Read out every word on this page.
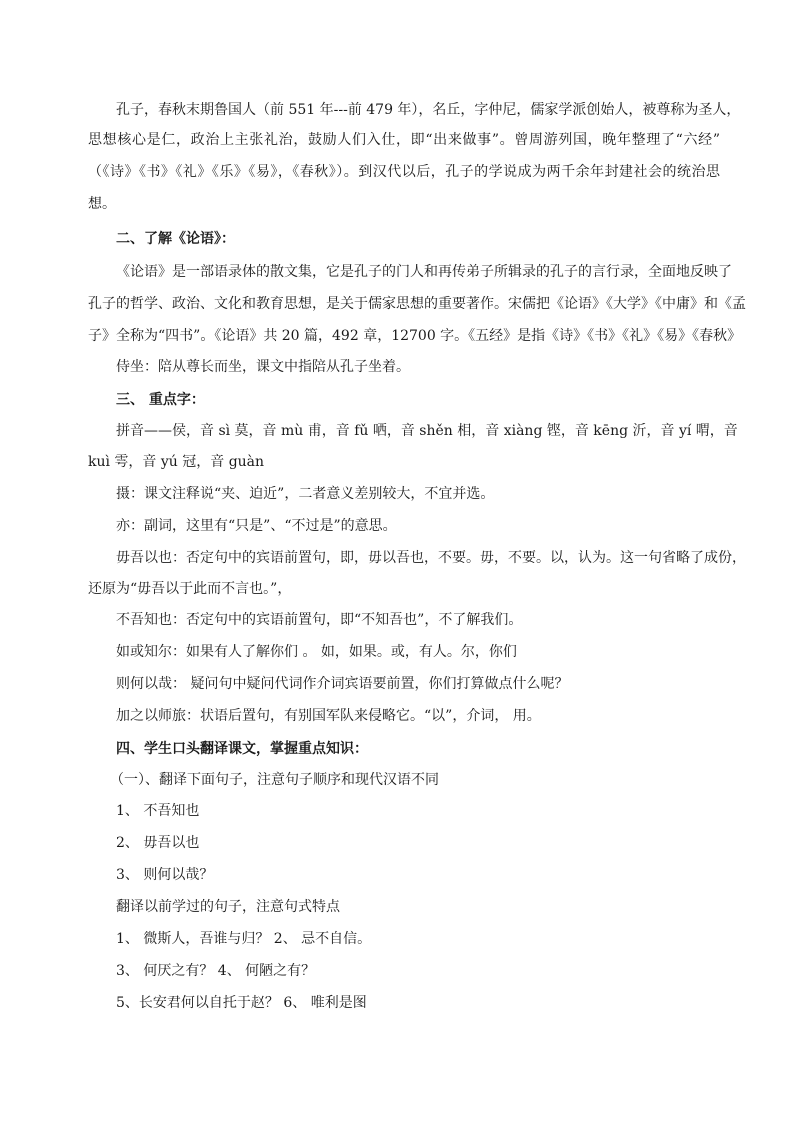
孔子，春秋末期鲁国人（前 551 年---前 479 年），名丘，字仲尼，儒家学派创始人，被尊称为圣人，
思想核心是仁，政治上主张礼治，鼓励人们入仕，即“出来做事”。曾周游列国，晚年整理了“六经”
（《诗》《书》《礼》《乐》《易》，《春秋》）。到汉代以后，孔子的学说成为两千余年封建社会的统治思
想。
二、了解《论语》：
《论语》是一部语录体的散文集，它是孔子的门人和再传弟子所辑录的孔子的言行录，全面地反映了
孔子的哲学、政治、文化和教育思想，是关于儒家思想的重要著作。宋儒把《论语》《大学》《中庸》和《孟
子》全称为“四书”。《论语》共 20 篇，492 章，12700 字。《五经》是指《诗》《书》《礼》《易》《春秋》
侍坐：陪从尊长而坐，课文中指陪从孔子坐着。
三、 重点字：
拼音——侯，音 sì 莫，音 mù 甫，音 fǔ 哂，音 shěn 相，音 xiàng 铿，音 kēng 沂，音 yí 喟，音
kuì 雩，音 yú 冠，音 guàn
摄：课文注释说“夹、迫近”，二者意义差别较大，不宜并选。
亦：副词，这里有“只是”、“不过是”的意思。
毋吾以也：否定句中的宾语前置句，即，毋以吾也，不要。毋，不要。以，认为。这一句省略了成份，
还原为“毋吾以于此而不言也。”，
不吾知也：否定句中的宾语前置句，即“不知吾也”，不了解我们。
如或知尔：如果有人了解你们 。 如，如果。或，有人。尔，你们
则何以哉： 疑问句中疑问代词作介词宾语要前置，你们打算做点什么呢？
加之以师旅：状语后置句，有别国军队来侵略它。“以”，介词， 用。
四、学生口头翻译课文，掌握重点知识：
（一）、翻译下面句子，注意句子顺序和现代汉语不同
1、 不吾知也
2、 毋吾以也
3、 则何以哉？
翻译以前学过的句子，注意句式特点
1、 微斯人，吾谁与归？ 2、 忌不自信。
3、 何厌之有？ 4、 何陋之有？
5、长安君何以自托于赵？ 6、 唯利是图
